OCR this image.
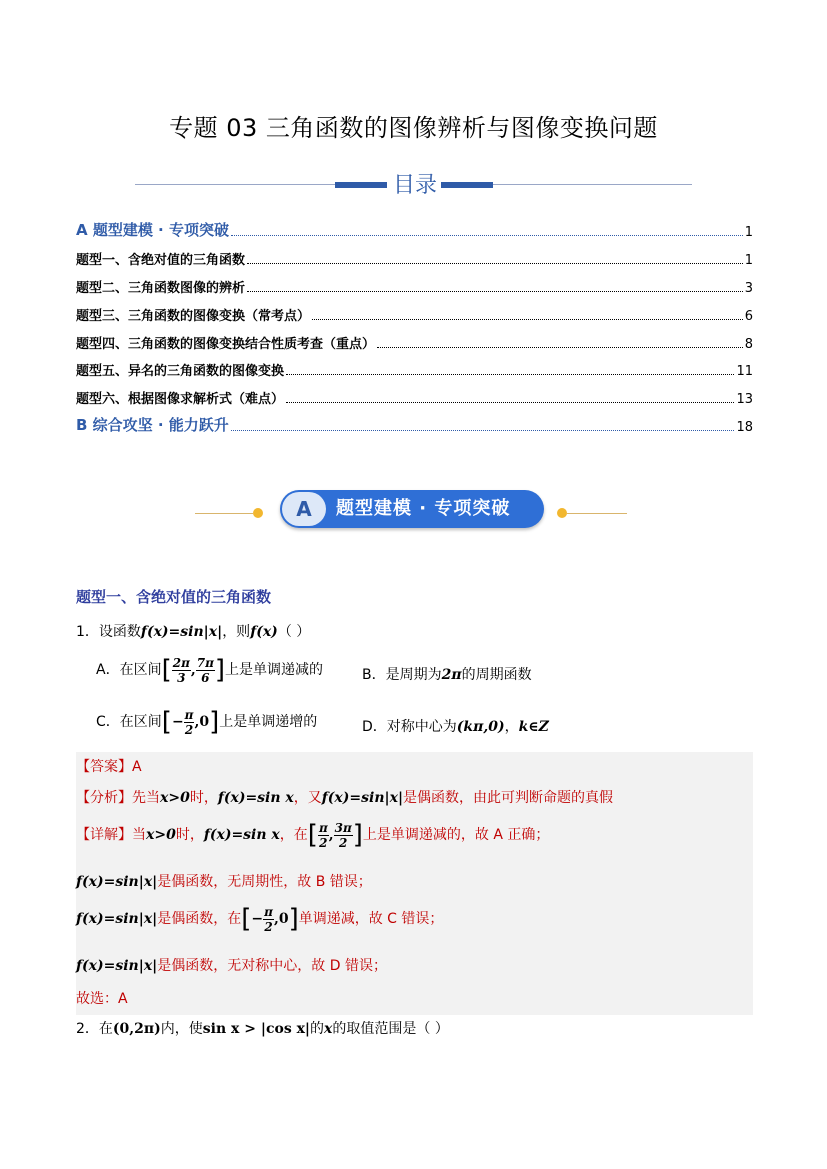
专题 03 三角函数的图像辨析与图像变换问题
目录
A 题型建模 · 专项突破	1
题型一、含绝对值的三角函数	1
题型二、三角函数图像的辨析	3
题型三、三角函数的图像变换（常考点）	6
题型四、三角函数的图像变换结合性质考查（重点）	8
题型五、异名的三角函数的图像变换	11
题型六、根据图像求解析式（难点）	13
B 综合攻坚 · 能力跃升	18
A	题型建模 · 专项突破
题型一、含绝对值的三角函数
1．设函数f(x)=sin|x|，则f(x)（ ）
A．在区间[ $\frac{2\pi}{3}$ , $\frac{7\pi}{6}$ ]上是单调递减的	B．是周期为2π的周期函数
C．在区间[− $\frac{\pi}{2} ,0$]上是单调递增的	D．对称中心为(kπ,0)，k∈Z
【答案】A
【分析】先当x>0时，f(x)=sin x，又f(x)=sin|x|是偶函数，由此可判断命题的真假
【详解】当x>0时，f(x)=sin x，在[ $\frac{\pi}{2}$ , $\frac{3\pi}{2}$ ]上是单调递减的，故 A 正确；
f(x)=sin|x|是偶函数，无周期性，故 B 错误；
f(x)=sin|x|是偶函数，在[− $\frac{\pi}{2} ,0$]单调递减，故 C 错误；
f(x)=sin|x|是偶函数，无对称中心，故 D 错误；
故选：A
2．在(0,2π)内，使sin x > |cos x|的x的取值范围是（ ）
